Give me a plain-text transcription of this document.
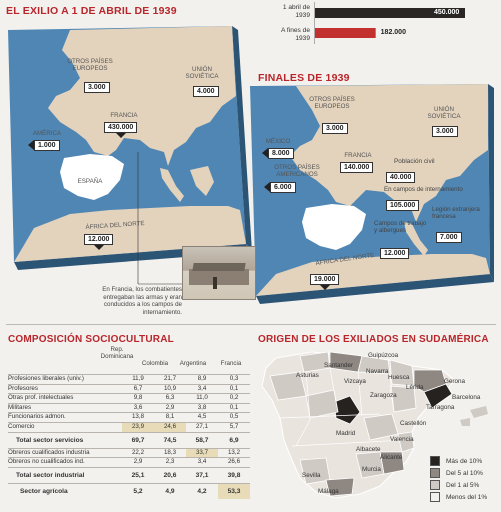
EL EXILIO A 1 DE ABRIL DE 1939
OTROS PAÍSES EUROPEOS
3.000
UNIÓN SOVIÉTICA
4.000
FRANCIA
430.000
AMÉRICA
1.000
ESPAÑA
ÁFRICA DEL NORTE
12.000
1 abril de 1939
A fines de 1939
450.000
182.000
FINALES DE 1939
OTROS PAÍSES EUROPEOS
3.000
UNIÓN SOVIÉTICA
3.000
MÉXICO
8.000
OTROS PAÍSES AMERICANOS
6.000
FRANCIA
140.000
Población civil
40.000
En campos de internamiento
105.000
Campos de trabajo y albergues
12.000
Legión extranjera francesa
7.000
ÁFRICA DEL NORTE
19.000
En Francia, los combatientes entregaban las armas y eran conducidos a los campos de internamiento.
COMPOSICIÓN SOCIOCULTURAL
Rep. Dominicana
Colombia	Argentina	Francia
Profesiones liberales (univ.)	11,9	21,7	8,9	0,3
Profesores	6,7	10,9	3,4	0,1
Otras prof. intelectuales	9,8	6,3	11,0	0,2
Militares	3,6	2,9	3,8	0,1
Funcionarios admon.	13,8	8,1	4,5	0,5
Comercio	23,9	24,6	27,1	5,7
Total sector servicios	69,7	74,5	58,7	6,9
Obreros cualificados industria	22,2	18,3	33,7	13,2
Obreros no cualificados ind.	2,9	2,3	3,4	26,6
Total sector industrial	25,1	20,6	37,1	39,8
Sector agrícola	5,2	4,9	4,2	53,3
ORIGEN DE LOS EXILIADOS EN SUDAMÉRICA
Guipúzcoa
Asturias
Santander
Navarra
Vizcaya
Huesca
Lérida
Gerona
Zaragoza	Barcelona
Tarragona
Castellón
Madrid
Valencia
Albacete
Alicante
Murcia
Sevilla
Málaga
Más de 10%
Del 5 al 10%
Del 1 al 5%
Menos del 1%
